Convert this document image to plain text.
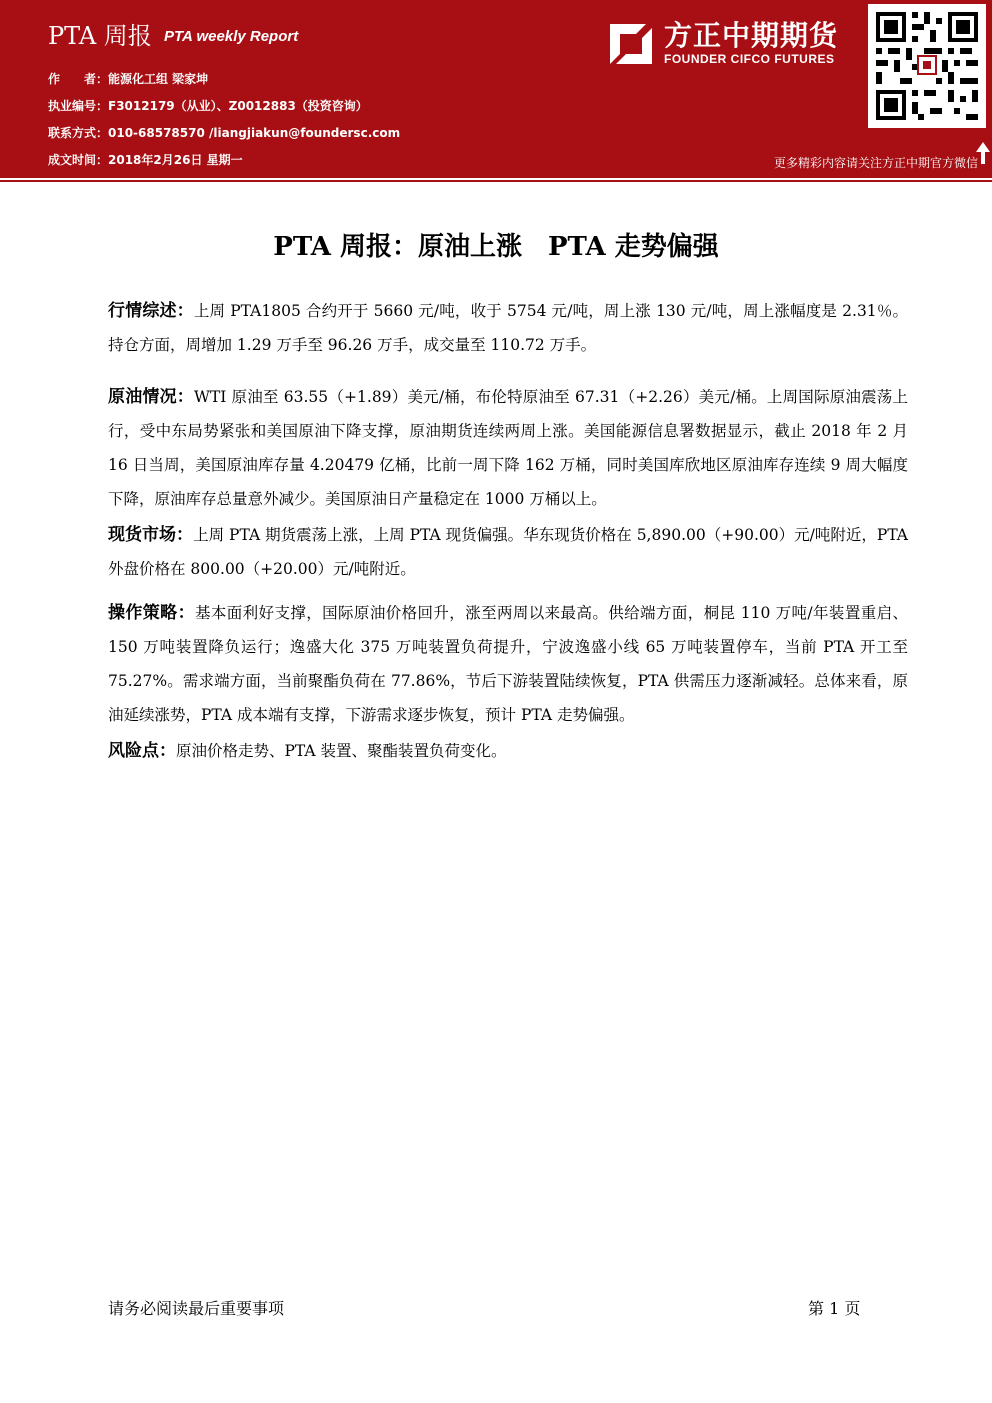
PTA 周报 PTA weekly Report
作　　者：能源化工组 梁家坤
执业编号：F3012179（从业）、Z0012883（投资咨询）
联系方式：010-68578570 /liangjiakun@foundersc.com
成文时间：2018年2月26日 星期一
方正中期期货
FOUNDER CIFCO FUTURES
更多精彩内容请关注方正中期官方微信
PTA 周报：原油上涨　PTA 走势偏强
行情综述：上周 PTA1805 合约开于 5660 元/吨，收于 5754 元/吨，周上涨 130 元/吨，周上涨幅度是 2.31％。持仓方面，周增加 1.29 万手至 96.26 万手，成交量至 110.72 万手。
原油情况：WTI 原油至 63.55（+1.89）美元/桶，布伦特原油至 67.31（+2.26）美元/桶。上周国际原油震荡上行，受中东局势紧张和美国原油下降支撑，原油期货连续两周上涨。美国能源信息署数据显示，截止 2018 年 2 月 16 日当周，美国原油库存量 4.20479 亿桶，比前一周下降 162 万桶，同时美国库欣地区原油库存连续 9 周大幅度下降，原油库存总量意外减少。美国原油日产量稳定在 1000 万桶以上。
现货市场：上周 PTA 期货震荡上涨，上周 PTA 现货偏强。华东现货价格在 5,890.00（+90.00）元/吨附近，PTA 外盘价格在 800.00（+20.00）元/吨附近。
操作策略：基本面利好支撑，国际原油价格回升，涨至两周以来最高。供给端方面，桐昆 110 万吨/年装置重启、150 万吨装置降负运行；逸盛大化 375 万吨装置负荷提升，宁波逸盛小线 65 万吨装置停车，当前 PTA 开工至 75.27%。需求端方面，当前聚酯负荷在 77.86%，节后下游装置陆续恢复，PTA 供需压力逐渐减轻。总体来看，原油延续涨势，PTA 成本端有支撑，下游需求逐步恢复，预计 PTA 走势偏强。
风险点：原油价格走势、PTA 装置、聚酯装置负荷变化。
请务必阅读最后重要事项	第 1 页
